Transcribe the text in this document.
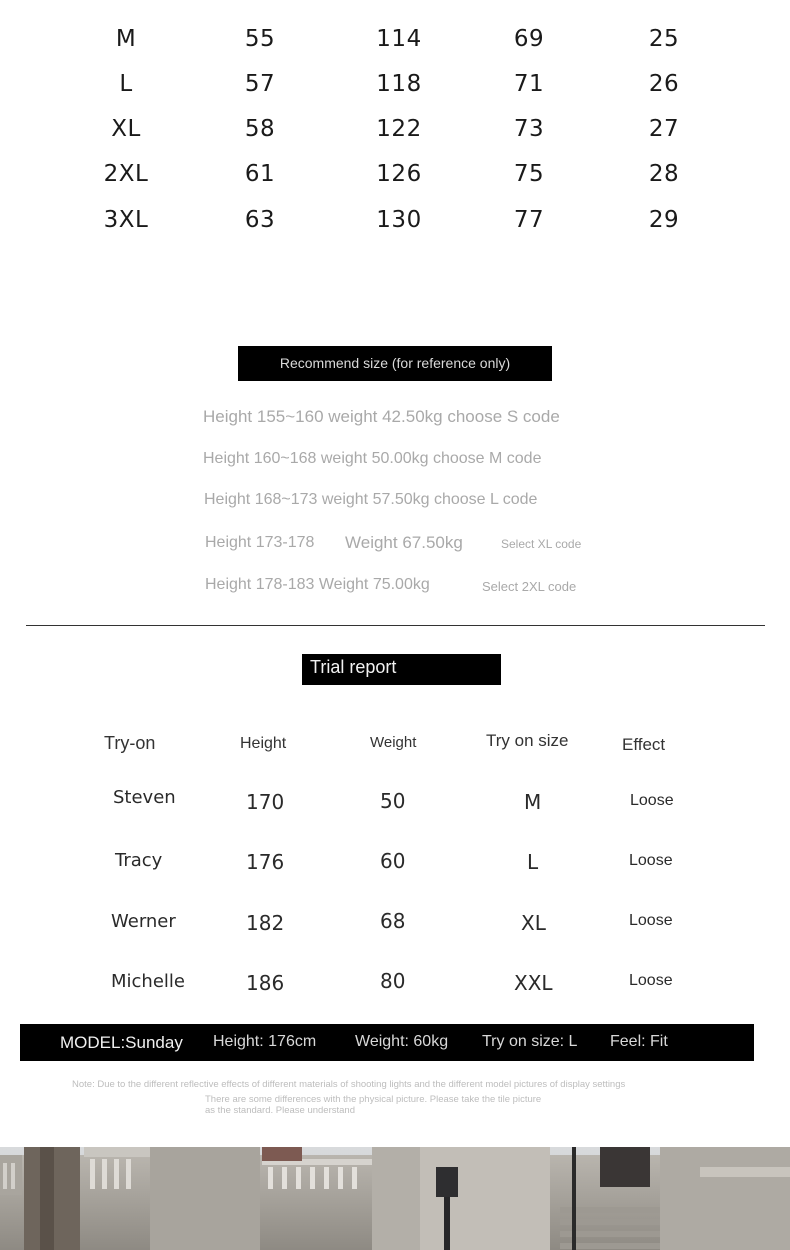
M	55	114	69	25
L	57	118	71	26
XL	58	122	73	27
2XL	61	126	75	28
3XL	63	130	77	29
Recommend size (for reference only)
Height 155~160 weight 42.50kg choose S code
Height 160~168 weight 50.00kg choose M code
Height 168~173 weight 57.50kg choose L code
Height 173-178 Weight 67.50kg	Select XL code
Height 178-183 Weight 75.00kg	Select 2XL code
Trial report
Try-on	Height	Weight	Try on size	Effect
Steven	170	50	M	Loose
Tracy	176	60	L	Loose
Werner	182	68	XL	Loose
Michelle	186	80	XXL	Loose
MODEL:Sunday Height: 176cm Weight: 60kg Try on size: L Feel: Fit
Note: Due to the different reflective effects of different materials of shooting lights and the different model pictures of display settings
There are some differences with the physical picture. Please take the tile picture
as the standard. Please understand
